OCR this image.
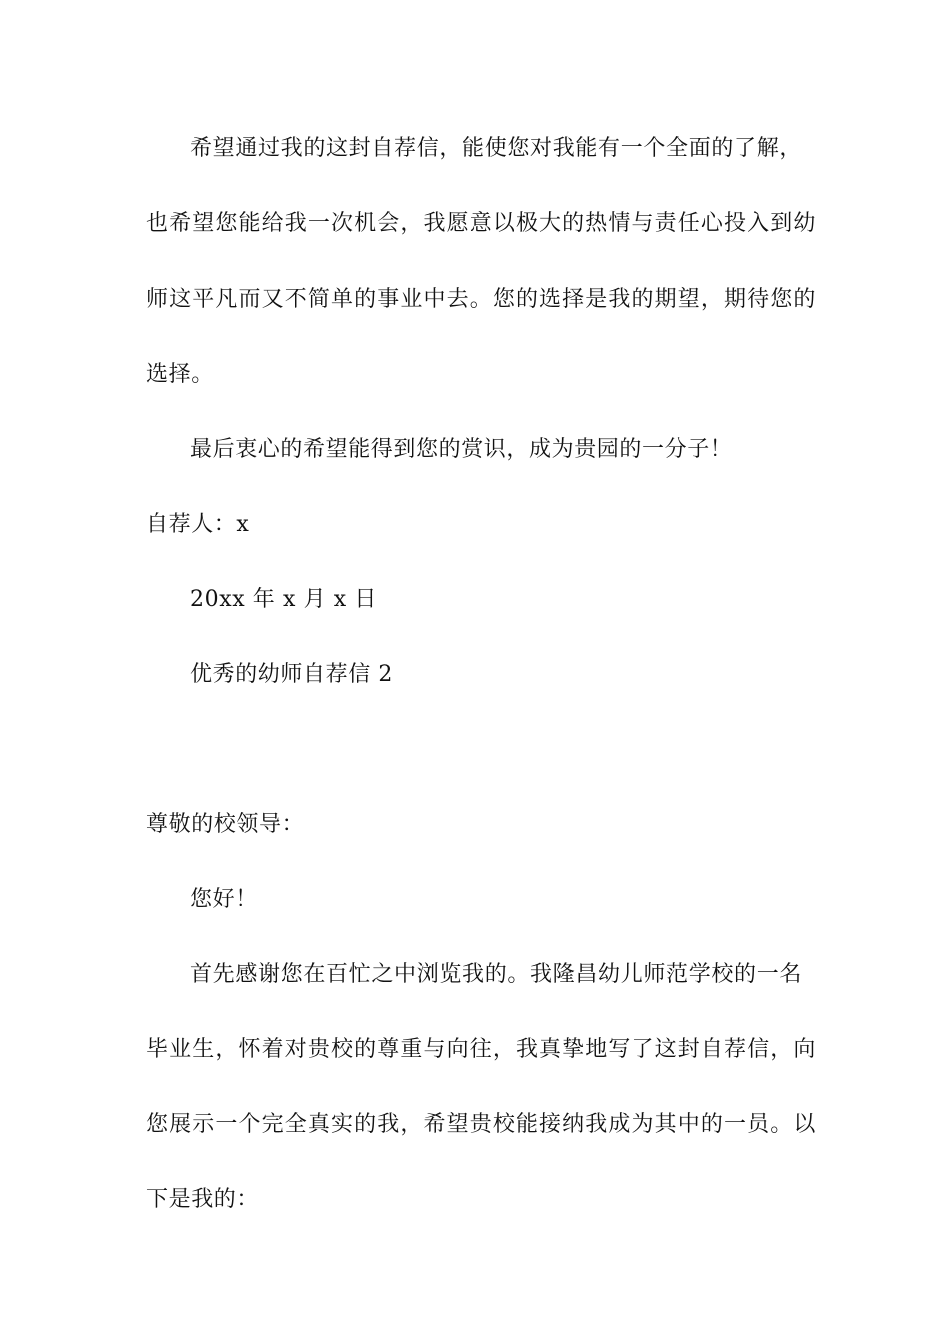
希望通过我的这封自荐信，能使您对我能有一个全面的了解，
也希望您能给我一次机会，我愿意以极大的热情与责任心投入到幼
师这平凡而又不简单的事业中去。您的选择是我的期望，期待您的
选择。
最后衷心的希望能得到您的赏识，成为贵园的一分子！
自荐人：x
20xx 年 x 月 x 日
优秀的幼师自荐信 2
尊敬的校领导：
您好！
首先感谢您在百忙之中浏览我的。我隆昌幼儿师范学校的一名
毕业生，怀着对贵校的尊重与向往，我真挚地写了这封自荐信，向
您展示一个完全真实的我，希望贵校能接纳我成为其中的一员。以
下是我的：
